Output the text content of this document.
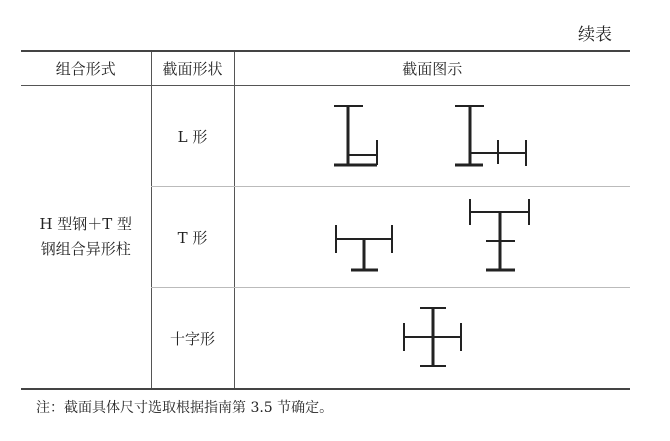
续表
组合形式	截面形状	截面图示

H 型钢＋T 型
钢组合异形柱	L 形	

	T 形	

	十字形	
注：截面具体尺寸选取根据指南第 3.5 节确定。
